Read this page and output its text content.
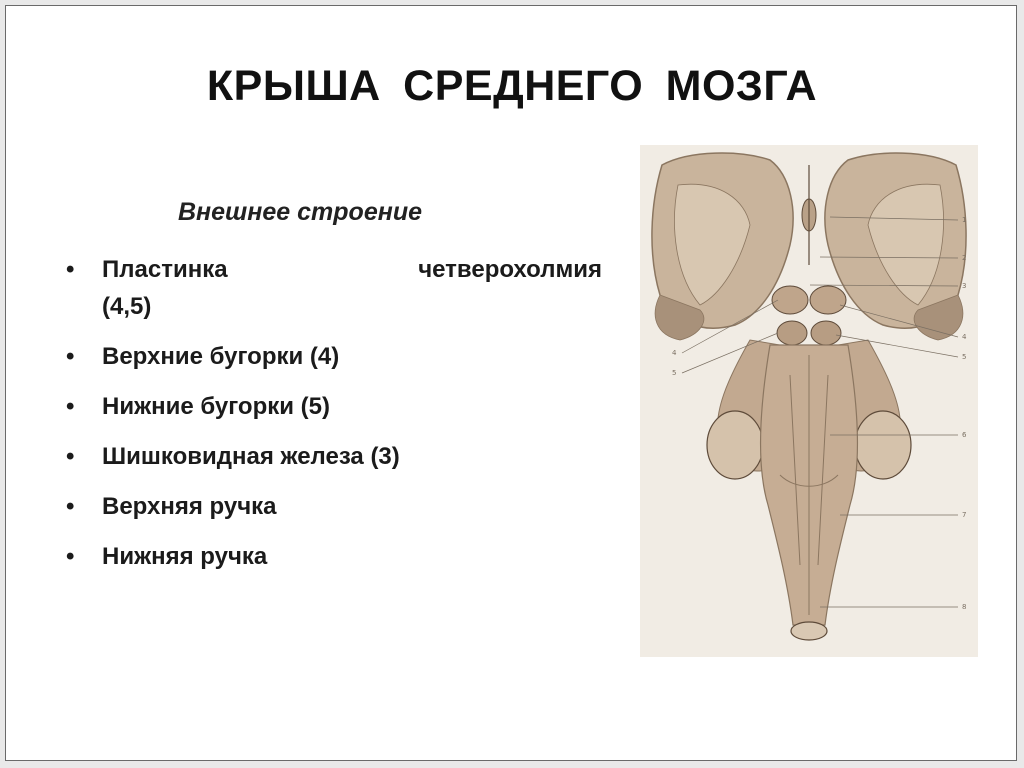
КРЫША СРЕДНЕГО МОЗГА
Внешнее строение
• Пластинка	четверохолмия
(4,5)
• Верхние бугорки (4)
• Нижние бугорки (5)
• Шишковидная железа (3)
• Верхняя ручка
• Нижняя ручка
1
2
3
4
5
6
7
8
4
5
